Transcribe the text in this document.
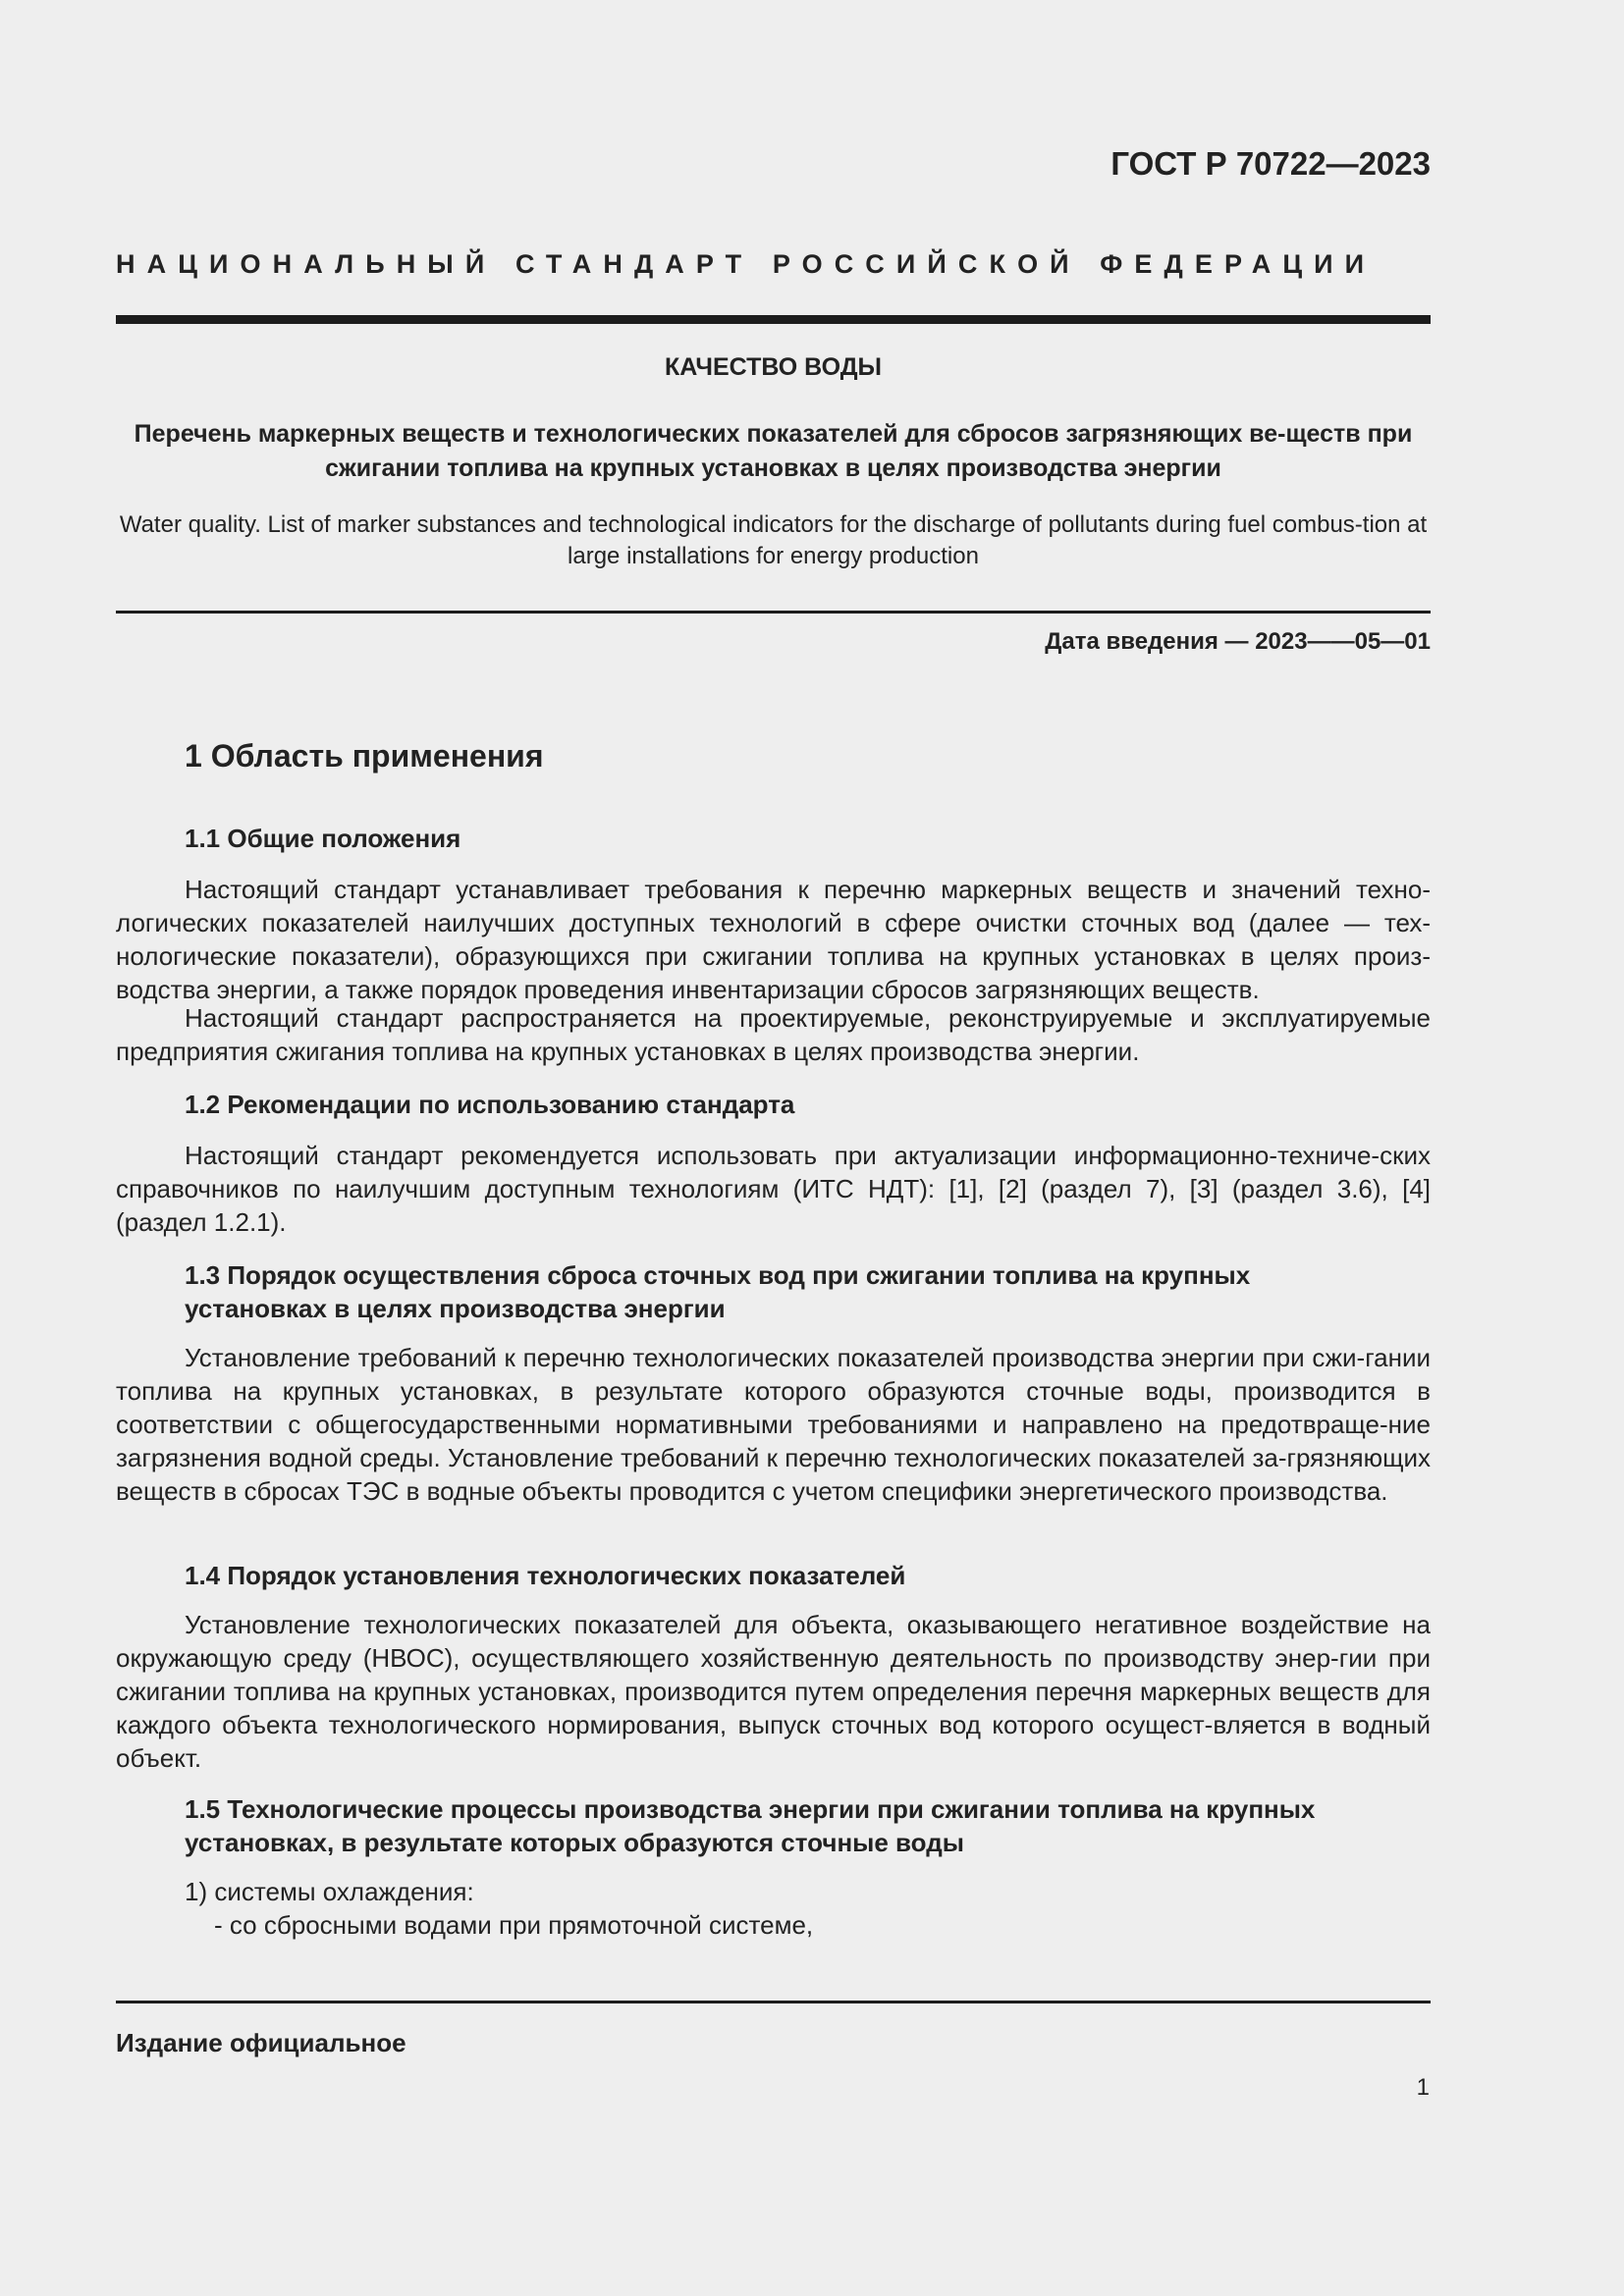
ГОСТ Р 70722—2023
НАЦИОНАЛЬНЫЙ СТАНДАРТ РОССИЙСКОЙ ФЕДЕРАЦИИ
КАЧЕСТВО ВОДЫ
Перечень маркерных веществ и технологических показателей для сбросов загрязняющих ве-ществ при сжигании топлива на крупных установках в целях производства энергии
Water quality. List of marker substances and technological indicators for the discharge of pollutants during fuel combus-tion at large installations for energy production
Дата введения — 2023——05—01
1 Область применения
1.1 Общие положения
Настоящий стандарт устанавливает требования к перечню маркерных веществ и значений техно-логических показателей наилучших доступных технологий в сфере очистки сточных вод (далее — тех-нологические показатели), образующихся при сжигании топлива на крупных установках в целях произ-водства энергии, а также порядок проведения инвентаризации сбросов загрязняющих веществ.
Настоящий стандарт распространяется на проектируемые, реконструируемые и эксплуатируемые предприятия сжигания топлива на крупных установках в целях производства энергии.
1.2 Рекомендации по использованию стандарта
Настоящий стандарт рекомендуется использовать при актуализации информационно-техниче-ских справочников по наилучшим доступным технологиям (ИТС НДТ): [1], [2] (раздел 7), [3] (раздел 3.6), [4] (раздел 1.2.1).
1.3 Порядок осуществления сброса сточных вод при сжигании топлива на крупных
установках в целях производства энергии
Установление требований к перечню технологических показателей производства энергии при сжи-гании топлива на крупных установках, в результате которого образуются сточные воды, производится в соответствии с общегосударственными нормативными требованиями и направлено на предотвраще-ние загрязнения водной среды. Установление требований к перечню технологических показателей за-грязняющих веществ в сбросах ТЭС в водные объекты проводится с учетом специфики энергетического производства.
1.4 Порядок установления технологических показателей
Установление технологических показателей для объекта, оказывающего негативное воздействие на окружающую среду (НВОС), осуществляющего хозяйственную деятельность по производству энер-гии при сжигании топлива на крупных установках, производится путем определения перечня маркерных веществ для каждого объекта технологического нормирования, выпуск сточных вод которого осущест-вляется в водный объект.
1.5 Технологические процессы производства энергии при сжигании топлива на крупных
установках, в результате которых образуются сточные воды
1) системы охлаждения:
- со сбросными водами при прямоточной системе,
Издание официальное
1
